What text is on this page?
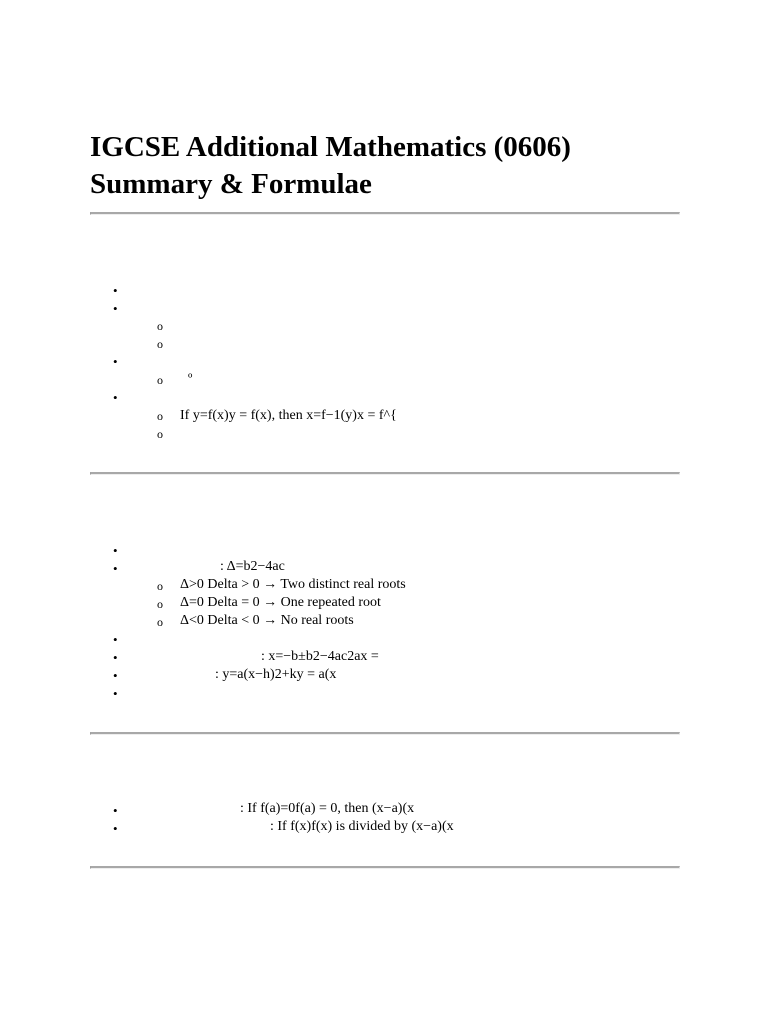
IGCSE Additional Mathematics (0606)
Summary & Formulae
•
•
o
o
•
o º
•
o If y=f(x)y = f(x), then x=f−1(y)x = f^{
o
•
•	: Δ=b2−4ac
o Δ>0 Delta > 0 → Two distinct real roots
o Δ=0 Delta = 0 → One repeated root
o Δ<0 Delta < 0 → No real roots
•
•	: x=−b±b2−4ac2ax =
•	: y=a(x−h)2+ky = a(x
•
•	: If f(a)=0f(a) = 0, then (x−a)(x
•	: If f(x)f(x) is divided by (x−a)(x
